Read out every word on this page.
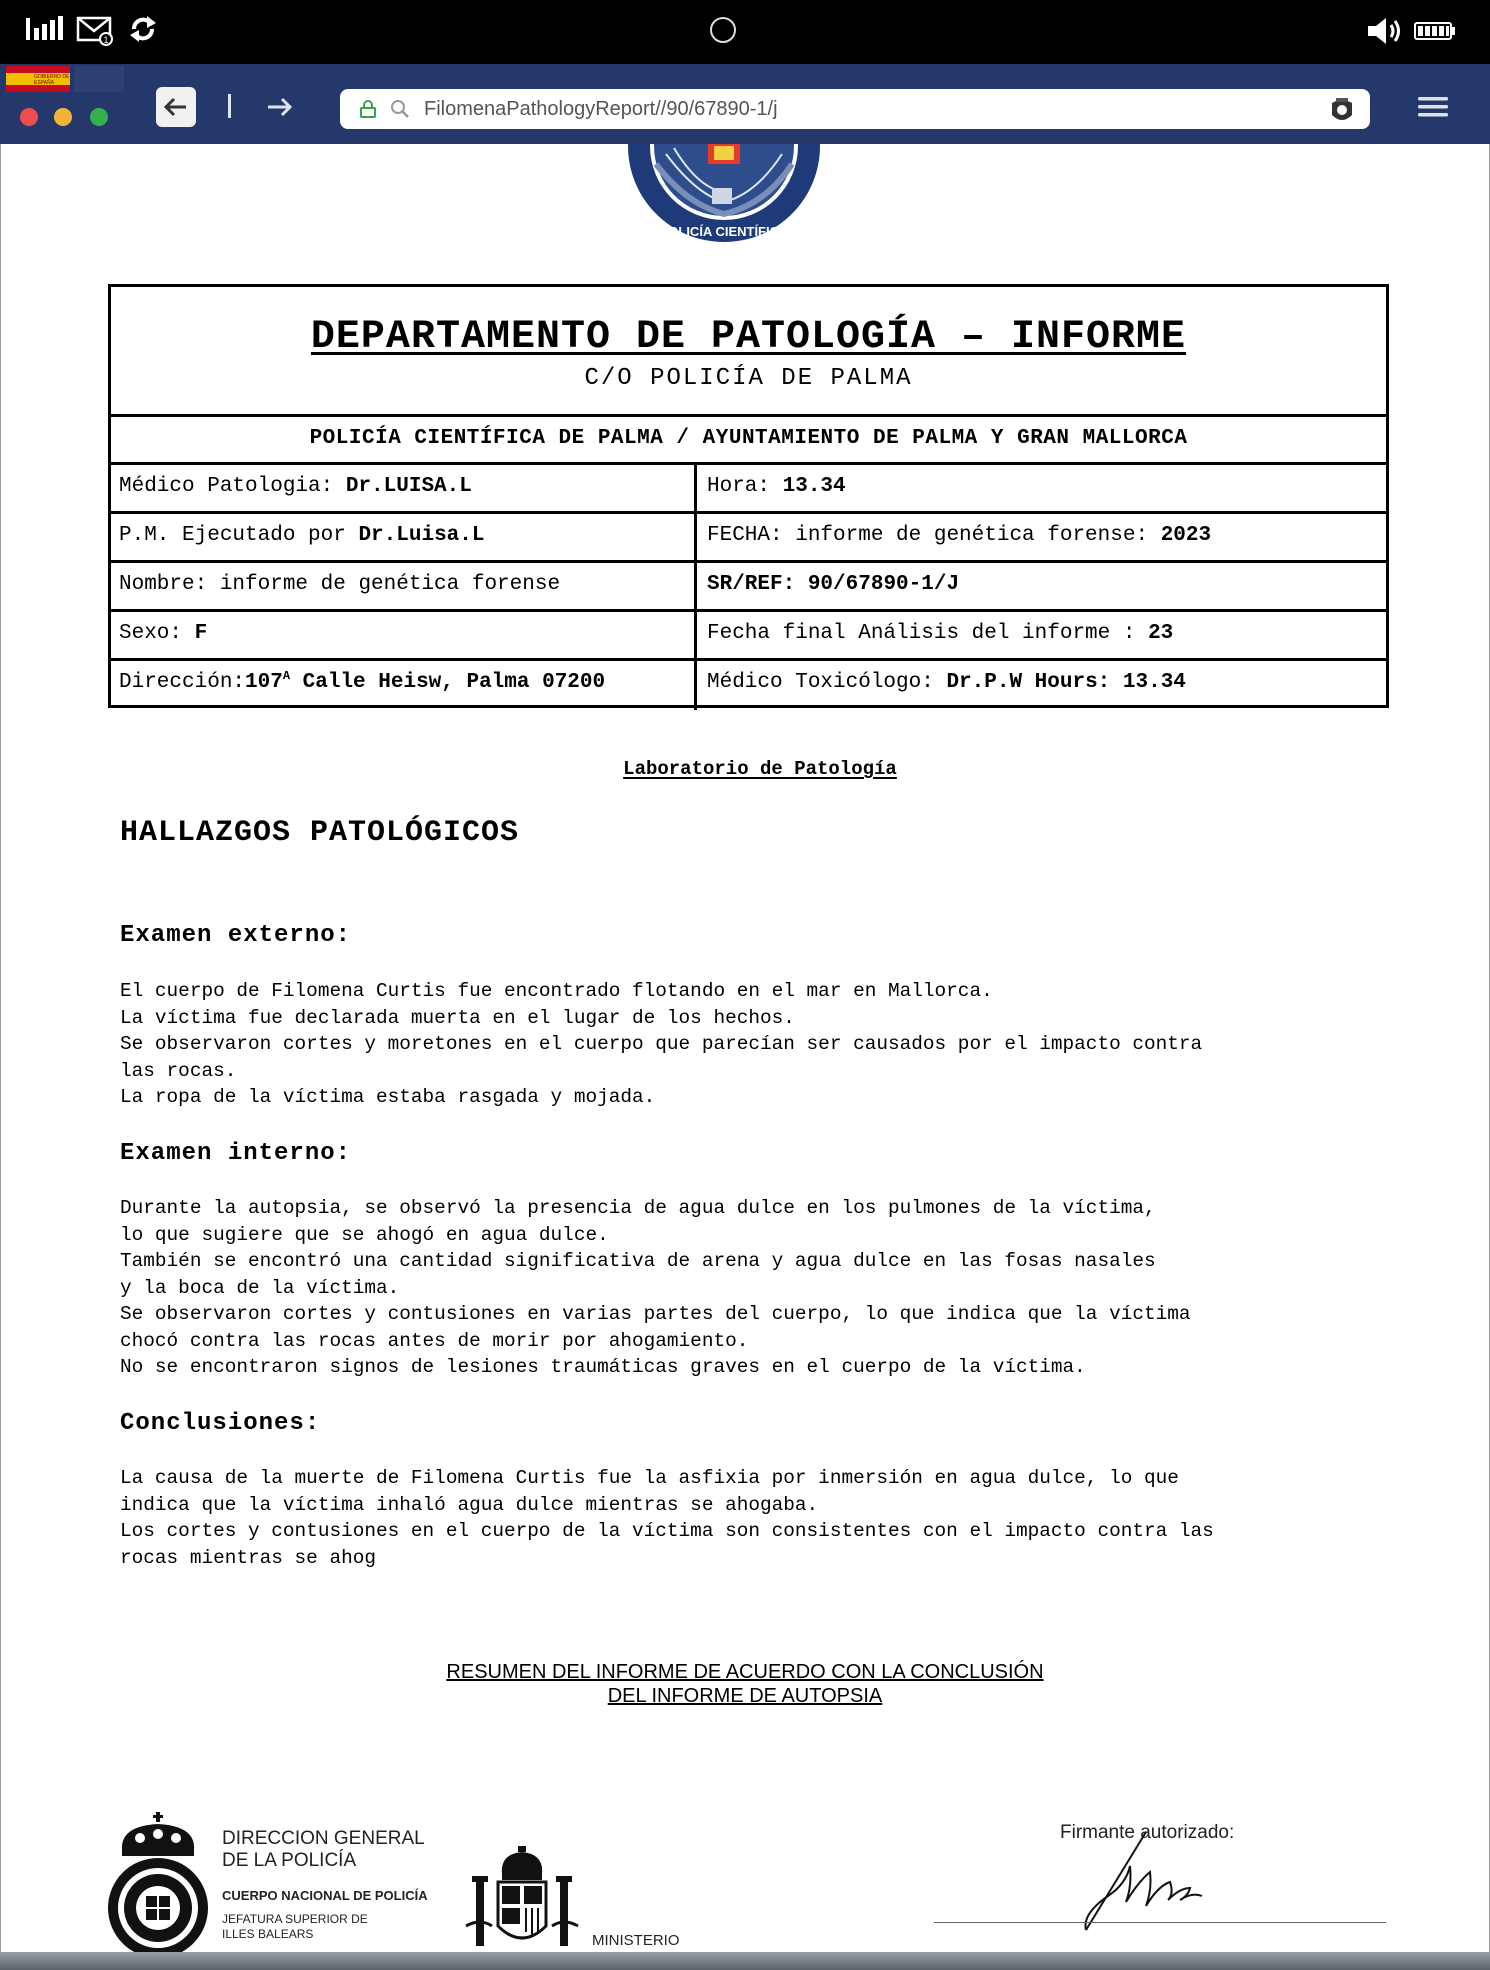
1
GOBIERNO DE ESPAÑA
FilomenaPathologyReport//90/67890-1/j
POLICÍA CIENTÍFICA
DEPARTAMENTO DE PATOLOGÍA – INFORME
C/O POLICÍA DE PALMA
POLICÍA CIENTÍFICA DE PALMA / AYUNTAMIENTO DE PALMA Y GRAN MALLORCA
Médico Patologia: Dr.LUISA.L	Hora: 13.34
P.M. Ejecutado por Dr.Luisa.L	FECHA: informe de genética forense: 2023
Nombre: informe de genética forense	SR/REF: 90/67890-1/J
Sexo: F	Fecha final Análisis del informe : 23
$Dirección:107^A$ Calle Heisw, Palma 07200	Médico Toxicólogo: Dr.P.W Hours: 13.34
Laboratorio de Patología
HALLAZGOS PATOLÓGICOS
Examen externo:
El cuerpo de Filomena Curtis fue encontrado flotando en el mar en Mallorca.
La víctima fue declarada muerta en el lugar de los hechos.
Se observaron cortes y moretones en el cuerpo que parecían ser causados por el impacto contra
las rocas.
La ropa de la víctima estaba rasgada y mojada.
Examen interno:
Durante la autopsia, se observó la presencia de agua dulce en los pulmones de la víctima,
lo que sugiere que se ahogó en agua dulce.
También se encontró una cantidad significativa de arena y agua dulce en las fosas nasales
y la boca de la víctima.
Se observaron cortes y contusiones en varias partes del cuerpo, lo que indica que la víctima
chocó contra las rocas antes de morir por ahogamiento.
No se encontraron signos de lesiones traumáticas graves en el cuerpo de la víctima.
Conclusiones:
La causa de la muerte de Filomena Curtis fue la asfixia por inmersión en agua dulce, lo que
indica que la víctima inhaló agua dulce mientras se ahogaba.
Los cortes y contusiones en el cuerpo de la víctima son consistentes con el impacto contra las
rocas mientras se ahog
RESUMEN DEL INFORME DE ACUERDO CON LA CONCLUSIÓN
DEL INFORME DE AUTOPSIA
DIRECCION GENERAL
DE LA POLICÍA
CUERPO NACIONAL DE POLICÍA
JEFATURA SUPERIOR DE
ILLES BALEARS	MINISTERIO
Firmante autorizado:
